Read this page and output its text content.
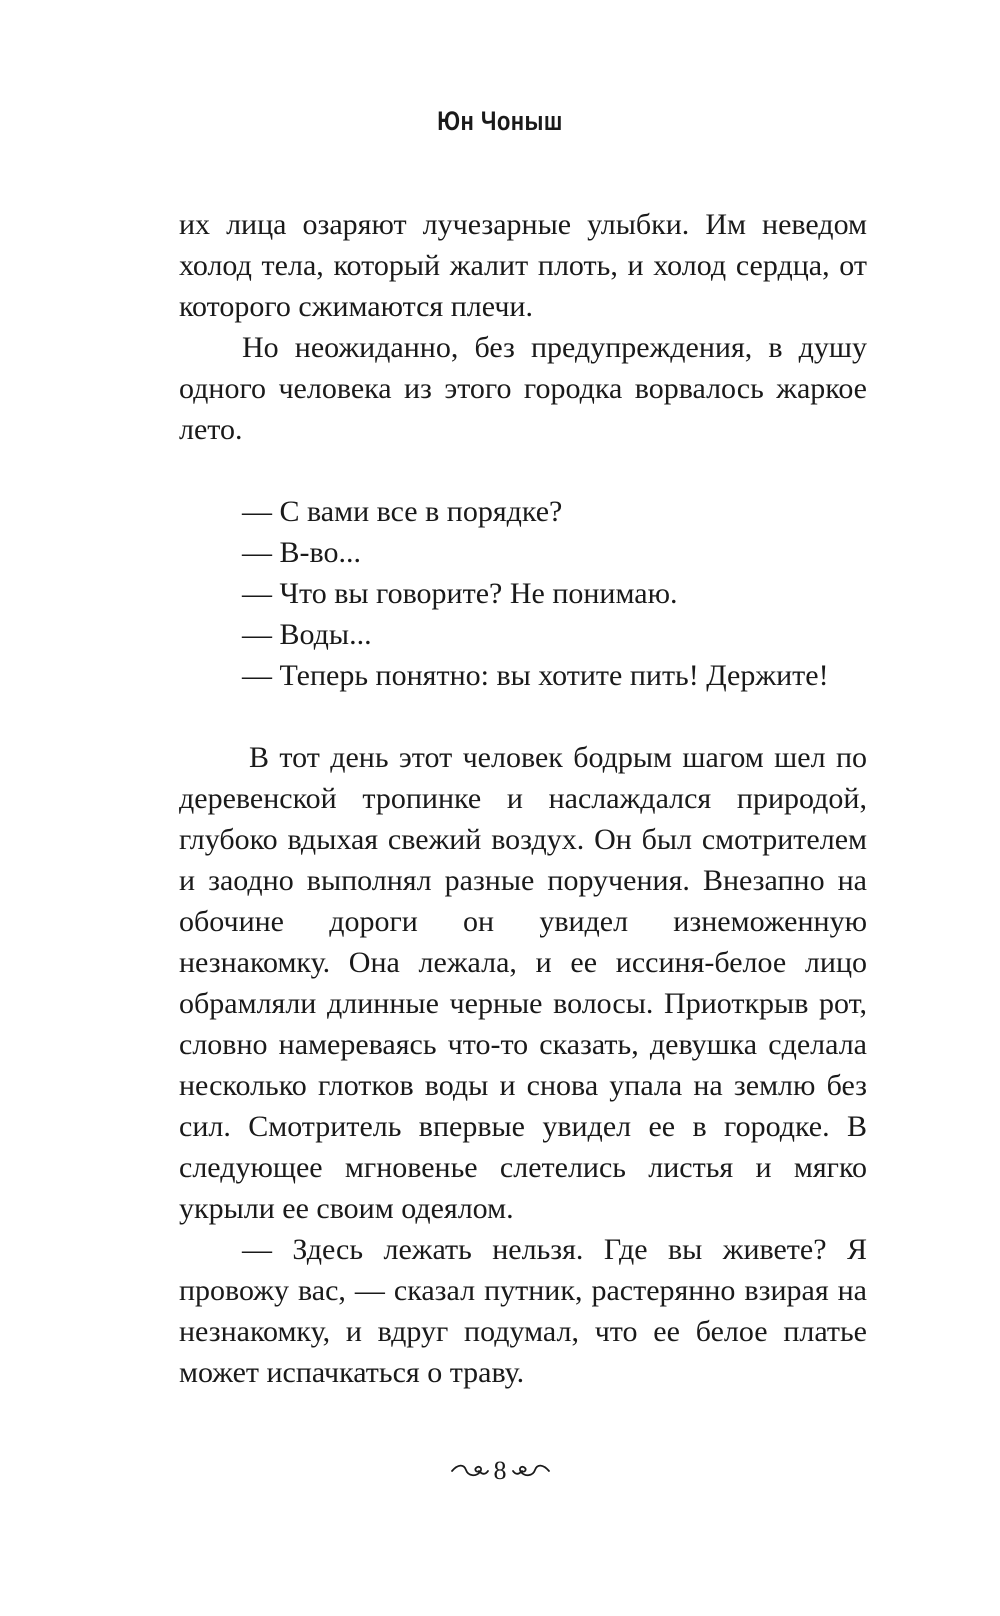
Юн Чоныш

их лица озаряют лучезарные улыбки. Им неведом холод тела, который жалит плоть, и холод сердца, от которого сжимаются плечи.

Но неожиданно, без предупреждения, в душу одного человека из этого городка ворвалось жаркое лето.

— С вами все в порядке?

— В-во...

— Что вы говорите? Не понимаю.

— Воды...

— Теперь понятно: вы хотите пить! Держите!

В тот день этот человек бодрым шагом шел по деревенской тропинке и наслаждался природой, глубоко вдыхая свежий воздух. Он был смотрителем и заодно выполнял разные поручения. Внезапно на обочине дороги он увидел изнеможенную незнакомку. Она лежала, и ее иссиня-белое лицо обрамляли длинные черные волосы. Приоткрыв рот, словно намереваясь что-то сказать, девушка сделала несколько глотков воды и снова упала на землю без сил. Смотритель впервые увидел ее в городке. В следующее мгновенье слетелись листья и мягко укрыли ее своим одеялом.

— Здесь лежать нельзя. Где вы живете? Я провожу вас, — сказал путник, растерянно взирая на незнакомку, и вдруг подумал, что ее белое платье может испачкаться о траву.

8
